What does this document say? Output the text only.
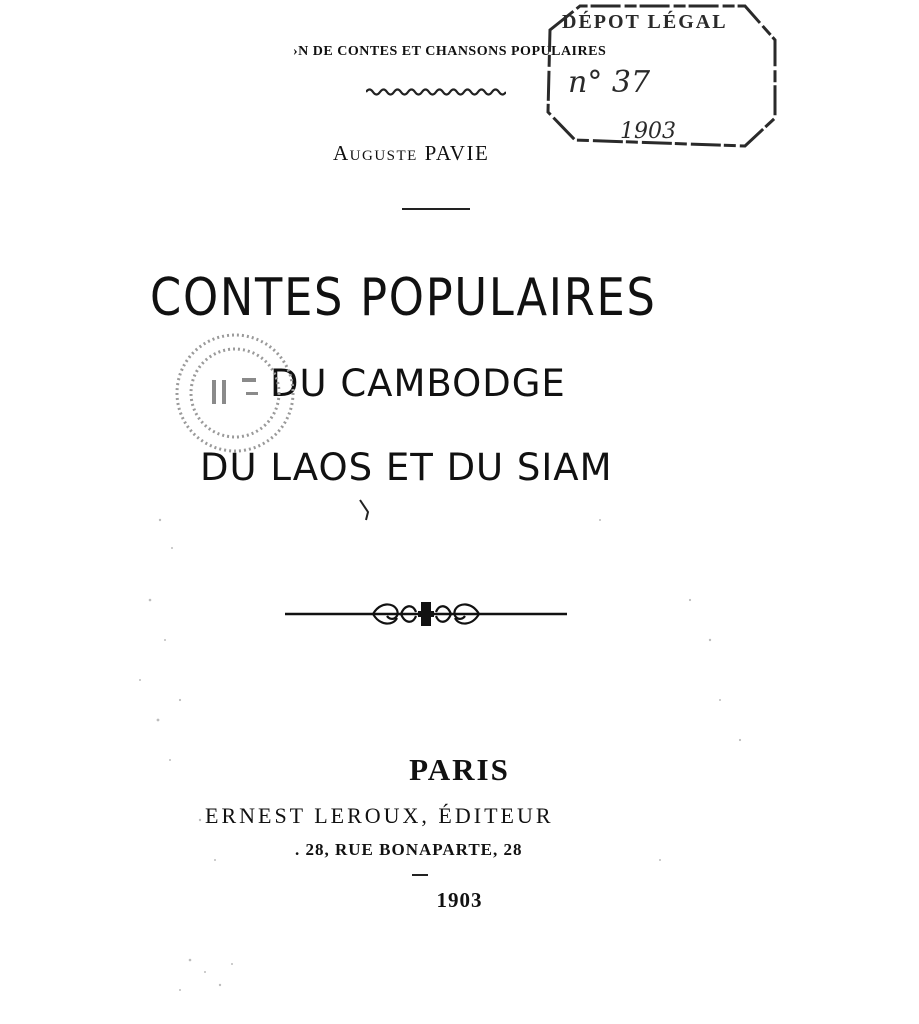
›N DE CONTES ET CHANSONS POPULAIRES
Auguste PAVIE
CONTES POPULAIRES
DU CAMBODGE
DU LAOS ET DU SIAM
DÉPOT LÉGAL
n° 37
1903
PARIS
ERNEST LEROUX, ÉDITEUR
. 28, RUE BONAPARTE, 28
1903
